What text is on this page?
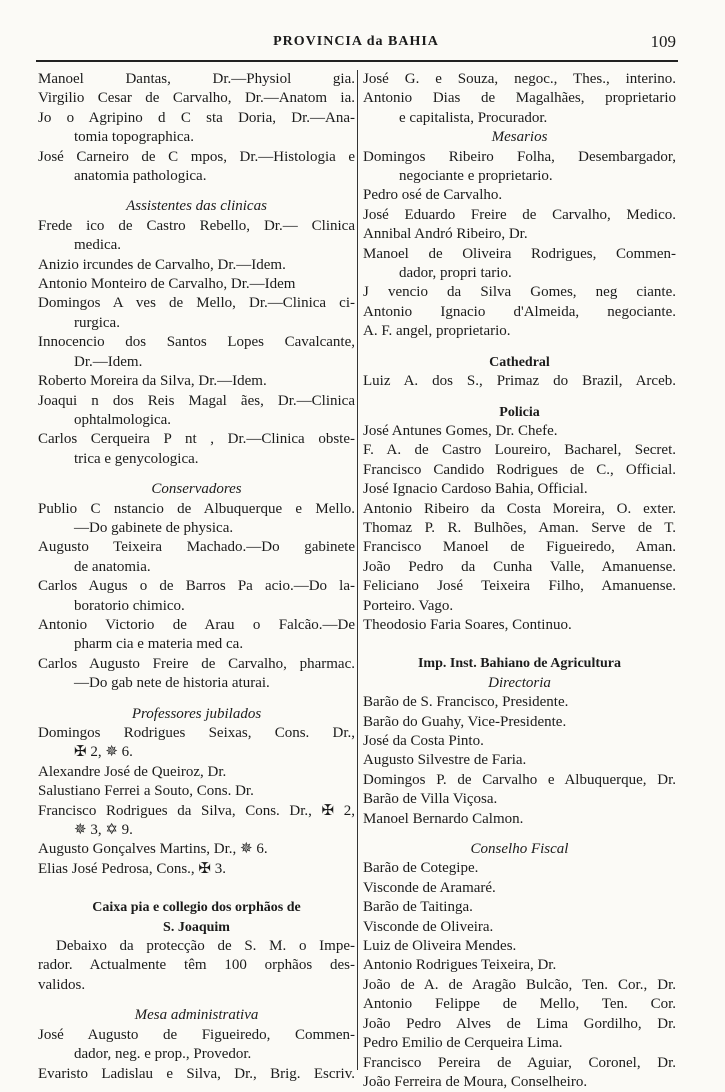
PROVINCIA da BAHIA	109
Manoel Dantas, Dr.—Physiol gia.
Virgilio Cesar de Carvalho, Dr.—Anatom ia.
Jo o Agripino d C sta Doria, Dr.—Ana-
tomia topographica.
José Carneiro de C mpos, Dr.—Histologia e
anatomia pathologica.
Assistentes das clinicas
Frede ico de Castro Rebello, Dr.— Clinica
medica.
Anizio ircundes de Carvalho, Dr.—Idem.
Antonio Monteiro de Carvalho, Dr.—Idem
Domingos A ves de Mello, Dr.—Clinica ci-
rurgica.
Innocencio dos Santos Lopes Cavalcante,
Dr.—Idem.
Roberto Moreira da Silva, Dr.—Idem.
Joaqui n dos Reis Magal ães, Dr.—Clinica
ophtalmologica.
Carlos Cerqueira P nt , Dr.—Clinica obste-
trica e genycologica.
Conservadores
Publio C nstancio de Albuquerque e Mello.
—Do gabinete de physica.
Augusto Teixeira Machado.—Do gabinete
de anatomia.
Carlos Augus o de Barros Pa acio.—Do la-
boratorio chimico.
Antonio Victorio de Arau o Falcão.—De
pharm cia e materia med ca.
Carlos Augusto Freire de Carvalho, pharmac.
—Do gab nete de historia aturai.
Professores jubilados
Domingos Rodrigues Seixas, Cons. Dr.,
✠ 2, ✵ 6.
Alexandre José de Queiroz, Dr.
Salustiano Ferrei a Souto, Cons. Dr.
Francisco Rodrigues da Silva, Cons. Dr., ✠ 2,
✵ 3, ✡ 9.
Augusto Gonçalves Martins, Dr., ✵ 6.
Elias José Pedrosa, Cons., ✠ 3.
Caixa pia e collegio dos orphãos de
S. Joaquim
Debaixo da protecção de S. M. o Impe-
rador. Actualmente têm 100 orphãos des-
validos.
Mesa administrativa
José Augusto de Figueiredo, Commen-
dador, neg. e prop., Provedor.
Evaristo Ladislau e Silva, Dr., Brig. Escriv.
José G. e Souza, negoc., Thes., interino.
Antonio Dias de Magalhães, proprietario
e capitalista, Procurador.
Mesarios
Domingos Ribeiro Folha, Desembargador,
negociante e proprietario.
Pedro osé de Carvalho.
José Eduardo Freire de Carvalho, Medico.
Annibal Andró Ribeiro, Dr.
Manoel de Oliveira Rodrigues, Commen-
dador, propri tario.
J vencio da Silva Gomes, neg ciante.
Antonio Ignacio d'Almeida, negociante.
A. F. angel, proprietario.
Cathedral
Luiz A. dos S., Primaz do Brazil, Arceb.
Policia
José Antunes Gomes, Dr. Chefe.
F. A. de Castro Loureiro, Bacharel, Secret.
Francisco Candido Rodrigues de C., Official.
José Ignacio Cardoso Bahia, Official.
Antonio Ribeiro da Costa Moreira, O. exter.
Thomaz P. R. Bulhões, Aman. Serve de T.
Francisco Manoel de Figueiredo, Aman.
João Pedro da Cunha Valle, Amanuense.
Feliciano José Teixeira Filho, Amanuense.
Porteiro. Vago.
Theodosio Faria Soares, Continuo.
Imp. Inst. Bahiano de Agricultura
Directoria
Barão de S. Francisco, Presidente.
Barão do Guahy, Vice-Presidente.
José da Costa Pinto.
Augusto Silvestre de Faria.
Domingos P. de Carvalho e Albuquerque, Dr.
Barão de Villa Viçosa.
Manoel Bernardo Calmon.
Conselho Fiscal
Barão de Cotegipe.
Visconde de Aramaré.
Barão de Taitinga.
Visconde de Oliveira.
Luiz de Oliveira Mendes.
Antonio Rodrigues Teixeira, Dr.
João de A. de Aragão Bulcão, Ten. Cor., Dr.
Antonio Felippe de Mello, Ten. Cor.
João Pedro Alves de Lima Gordilho, Dr.
Pedro Emilio de Cerqueira Lima.
Francisco Pereira de Aguiar, Coronel, Dr.
João Ferreira de Moura, Conselheiro.
